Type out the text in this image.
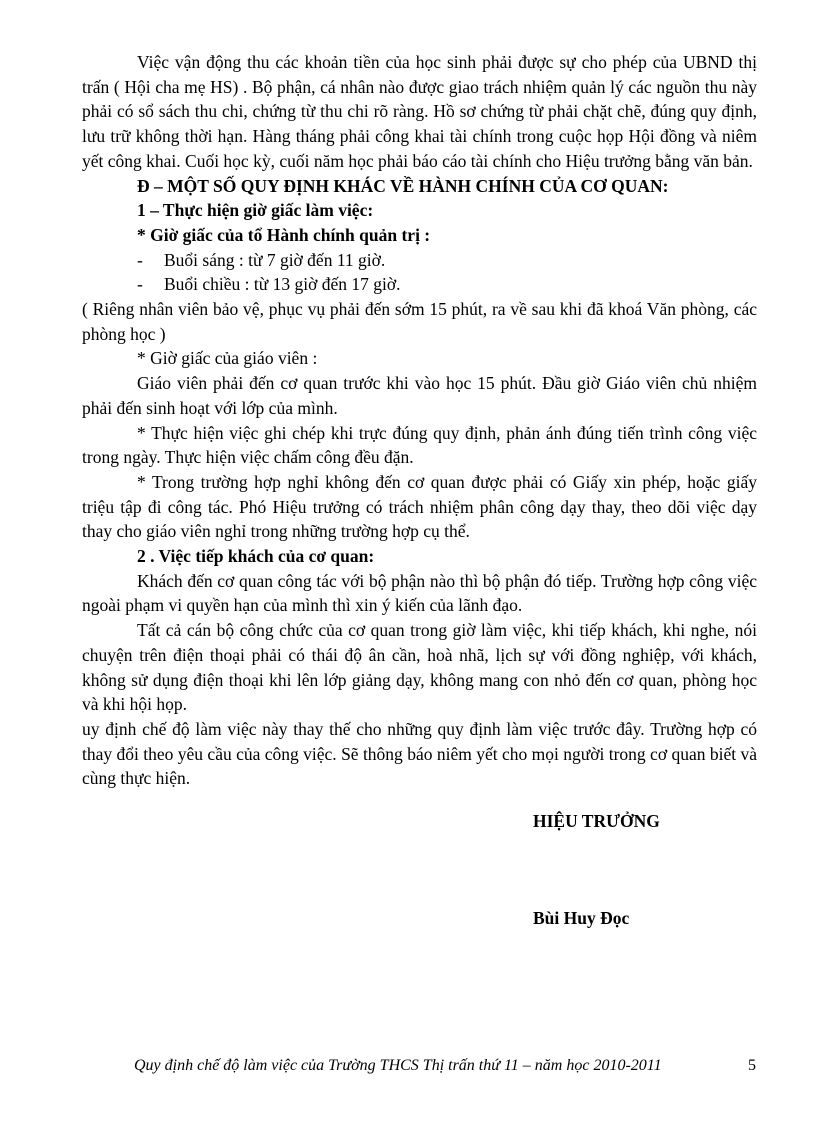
Việc vận động thu các khoản tiền của học sinh phải được sự cho phép của UBND thị trấn ( Hội cha mẹ HS) . Bộ phận, cá nhân nào được giao trách nhiệm quản lý các nguồn thu này phải có sổ sách thu chi, chứng từ thu chi rõ ràng. Hồ sơ chứng từ phải chặt chẽ, đúng quy định, lưu trữ không thời hạn. Hàng tháng phải công khai tài chính trong cuộc họp Hội đồng và niêm yết công khai. Cuối học kỳ, cuối năm học phải báo cáo tài chính cho Hiệu trưởng bằng văn bản.

Đ – MỘT SỐ QUY ĐỊNH KHÁC VỀ HÀNH CHÍNH CỦA CƠ QUAN:

1 – Thực hiện giờ giấc làm việc:

* Giờ giấc của tổ Hành chính quản trị :

-	Buổi sáng : từ 7 giờ đến 11 giờ.
-	Buổi chiều : từ 13 giờ đến 17 giờ.

( Riêng nhân viên bảo vệ, phục vụ phải đến sớm 15 phút, ra về sau khi đã khoá Văn phòng, các phòng học )

* Giờ giấc của giáo viên :

Giáo viên phải đến cơ quan trước khi vào học 15 phút. Đầu giờ Giáo viên chủ nhiệm phải đến sinh hoạt với lớp của mình.

* Thực hiện việc ghi chép khi trực đúng quy định, phản ánh đúng tiến trình công việc trong ngày. Thực hiện việc chấm công đều đặn.

* Trong trường hợp nghỉ không đến cơ quan được phải có Giấy xin phép, hoặc giấy triệu tập đi công tác. Phó Hiệu trưởng có trách nhiệm phân công dạy thay, theo dõi việc dạy thay cho giáo viên nghỉ trong những trường hợp cụ thể.

2 . Việc tiếp khách của cơ quan:

Khách đến cơ quan công tác với bộ phận nào thì bộ phận đó tiếp. Trường hợp công việc ngoài phạm vi quyền hạn của mình thì xin ý kiến của lãnh đạo.

Tất cả cán bộ công chức của cơ quan trong giờ làm việc, khi tiếp khách, khi nghe, nói chuyện trên điện thoại phải có thái độ ân cần, hoà nhã, lịch sự với đồng nghiệp, với khách, không sử dụng điện thoại khi lên lớp giảng dạy, không mang con nhỏ đến cơ quan, phòng học và khi hội họp.

uy định chế độ làm việc này thay thế cho những quy định làm việc trước đây. Trường hợp có thay đổi theo yêu cầu của công việc. Sẽ thông báo niêm yết cho mọi người trong cơ quan biết và cùng thực hiện.

HIỆU TRƯỞNG
Bùi Huy Đọc
Quy định chế độ làm việc của Trường THCS Thị trấn thứ 11 – năm học 2010-2011	5
